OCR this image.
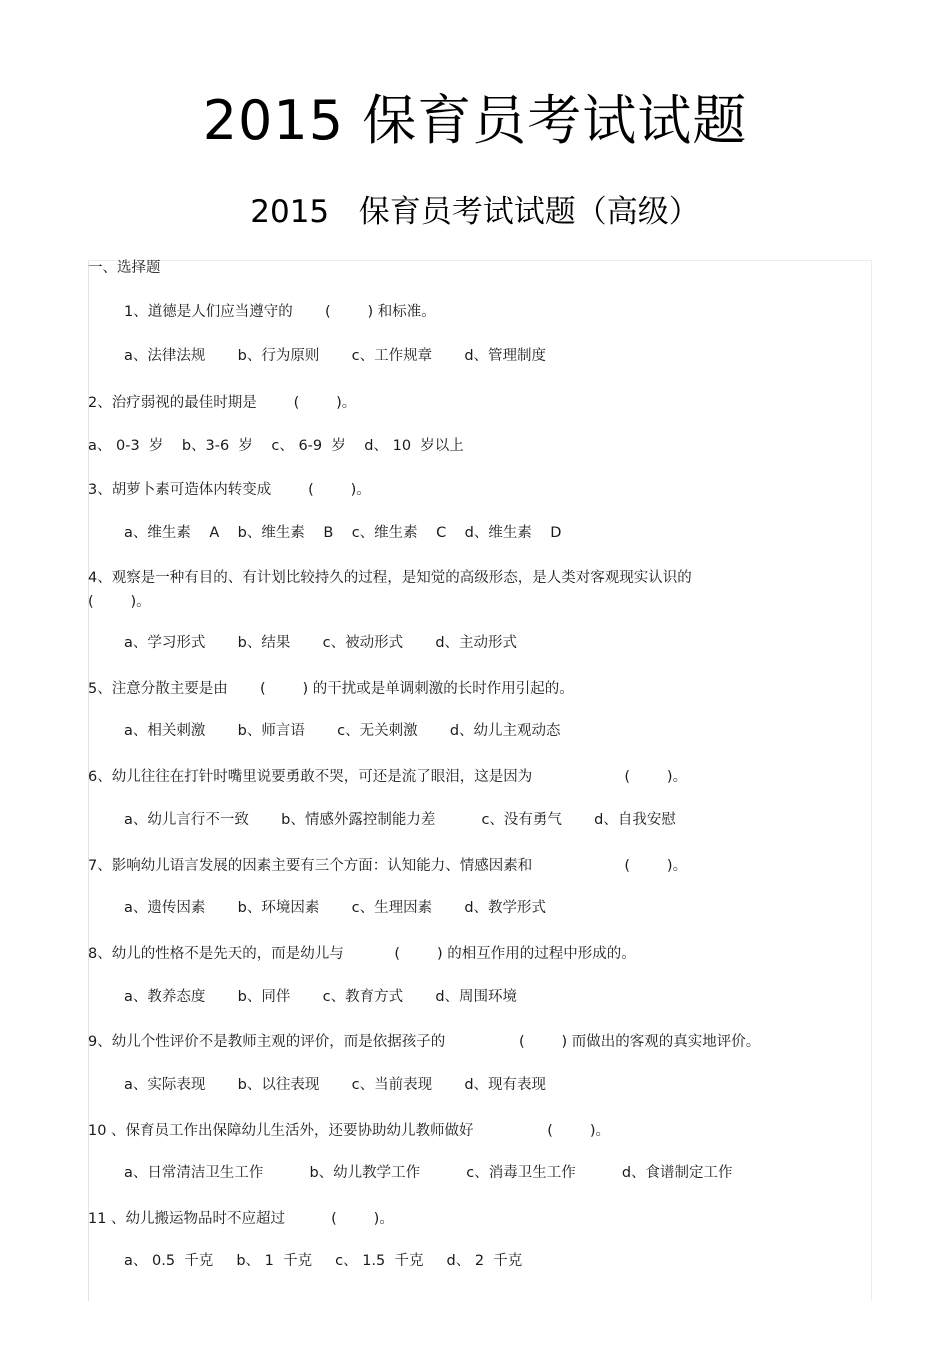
2015 保育员考试试题
2015   保育员考试试题（高级）
一、选择题
1、道德是人们应当遵守的       (        ) 和标准。
a、法律法规       b、行为原则       c、工作规章       d、管理制度
2、治疗弱视的最佳时期是        (        )。
a、 0-3  岁    b、3-6  岁    c、 6-9  岁    d、 10  岁以上
3、胡萝卜素可造体内转变成        (        )。
a、维生素    A    b、维生素    B    c、维生素    C    d、维生素    D
4、观察是一种有目的、有计划比较持久的过程，是知觉的高级形态，是人类对客观现实认识的
(        )。
a、学习形式       b、结果       c、被动形式       d、主动形式
5、注意分散主要是由       (        ) 的干扰或是单调刺激的长时作用引起的。
a、相关刺激       b、师言语       c、无关刺激       d、幼儿主观动态
6、幼儿往往在打针时嘴里说要勇敢不哭，可还是流了眼泪，这是因为                    (        )。
a、幼儿言行不一致       b、情感外露控制能力差          c、没有勇气       d、自我安慰
7、影响幼儿语言发展的因素主要有三个方面：认知能力、情感因素和                    (        )。
a、遗传因素       b、环境因素       c、生理因素       d、教学形式
8、幼儿的性格不是先天的，而是幼儿与           (        ) 的相互作用的过程中形成的。
a、教养态度       b、同伴       c、教育方式       d、周围环境
9、幼儿个性评价不是教师主观的评价，而是依据孩子的                (        ) 而做出的客观的真实地评价。
a、实际表现       b、以往表现       c、当前表现       d、现有表现
10 、保育员工作出保障幼儿生活外，还要协助幼儿教师做好                (        )。
a、日常清洁卫生工作          b、幼儿教学工作          c、消毒卫生工作          d、食谱制定工作
11 、幼儿搬运物品时不应超过          (        )。
a、 0.5  千克     b、 1  千克     c、 1.5  千克     d、 2  千克
